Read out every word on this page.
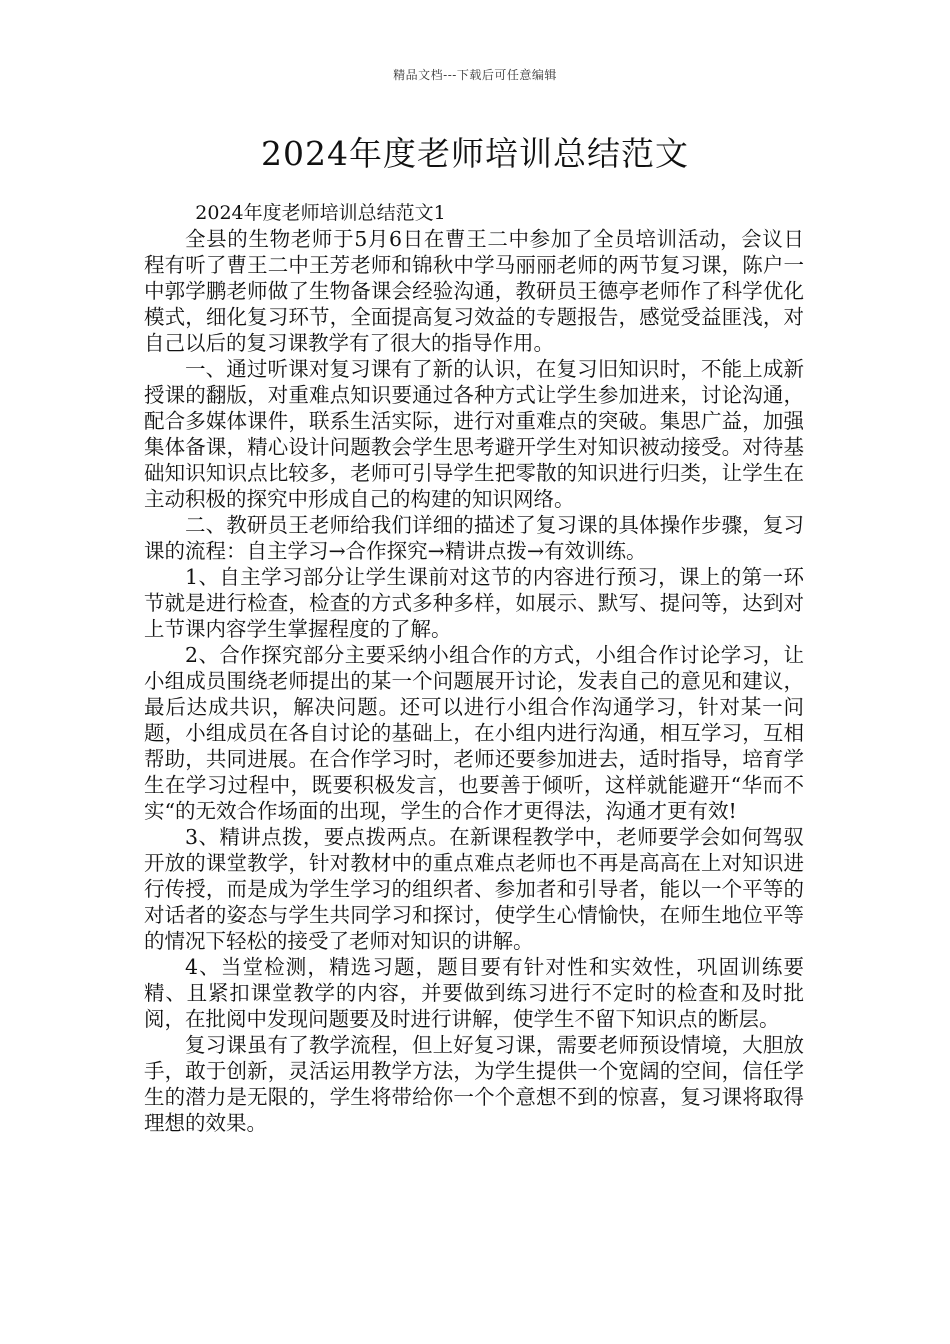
精品文档---下载后可任意编辑
2024年度老师培训总结范文

2024年度老师培训总结范文1

全县的生物老师于5月6日在曹王二中参加了全员培训活动，会议日程有听了曹王二中王芳老师和锦秋中学马丽丽老师的两节复习课，陈户一中郭学鹏老师做了生物备课会经验沟通，教研员王德亭老师作了科学优化模式，细化复习环节，全面提高复习效益的专题报告，感觉受益匪浅，对自己以后的复习课教学有了很大的指导作用。

一、通过听课对复习课有了新的认识，在复习旧知识时，不能上成新授课的翻版，对重难点知识要通过各种方式让学生参加进来，讨论沟通，配合多媒体课件，联系生活实际，进行对重难点的突破。集思广益，加强集体备课，精心设计问题教会学生思考避开学生对知识被动接受。对待基础知识知识点比较多，老师可引导学生把零散的知识进行归类，让学生在主动积极的探究中形成自己的构建的知识网络。

二、教研员王老师给我们详细的描述了复习课的具体操作步骤，复习课的流程：自主学习→合作探究→精讲点拨→有效训练。

1、自主学习部分让学生课前对这节的内容进行预习，课上的第一环节就是进行检查，检查的方式多种多样，如展示、默写、提问等，达到对上节课内容学生掌握程度的了解。

2、合作探究部分主要采纳小组合作的方式，小组合作讨论学习，让小组成员围绕老师提出的某一个问题展开讨论，发表自己的意见和建议，最后达成共识，解决问题。还可以进行小组合作沟通学习，针对某一问题，小组成员在各自讨论的基础上，在小组内进行沟通，相互学习，互相帮助，共同进展。在合作学习时，老师还要参加进去，适时指导，培育学生在学习过程中，既要积极发言，也要善于倾听，这样就能避开“华而不实“的无效合作场面的出现，学生的合作才更得法，沟通才更有效!

3、精讲点拨，要点拨两点。在新课程教学中，老师要学会如何驾驭开放的课堂教学，针对教材中的重点难点老师也不再是高高在上对知识进行传授，而是成为学生学习的组织者、参加者和引导者，能以一个平等的对话者的姿态与学生共同学习和探讨，使学生心情愉快，在师生地位平等的情况下轻松的接受了老师对知识的讲解。

4、当堂检测，精选习题，题目要有针对性和实效性，巩固训练要精、且紧扣课堂教学的内容，并要做到练习进行不定时的检查和及时批阅，在批阅中发现问题要及时进行讲解，使学生不留下知识点的断层。

复习课虽有了教学流程，但上好复习课，需要老师预设情境，大胆放手，敢于创新，灵活运用教学方法，为学生提供一个宽阔的空间，信任学生的潜力是无限的，学生将带给你一个个意想不到的惊喜，复习课将取得理想的效果。
